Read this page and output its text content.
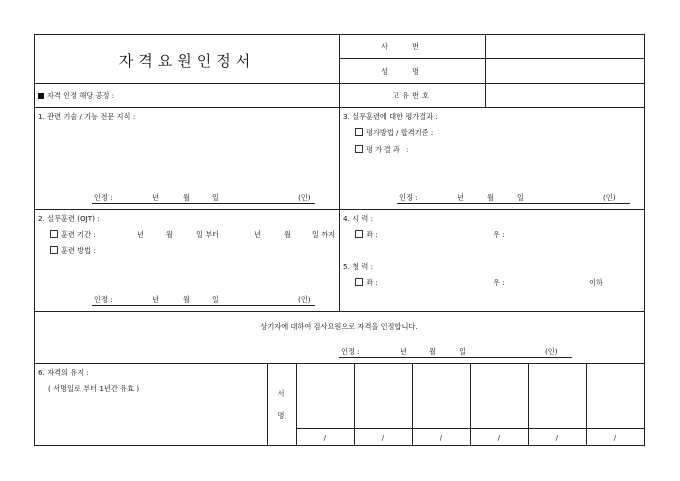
자격요원인정서
사번
성명
자격 인정 해당 공정 :	고유번호
1. 관련 기술 / 기능 전문 지식 :
인정 :	년	월	일	(인)
3. 실무훈련에 대한 평가결과 :
평가방법 / 합격기준 :
평가결과 :
인정 :	년	월	일	(인)
2. 실무훈련 (OJT) :
훈련 기간 :	년	월	일 부터	년	월	일 까지
훈련 방법 :
인정 :	년	월	일	(인)
4. 시 력 :
좌 :	우 :
5. 청 력 :
좌 :	우 :	이하
상기자에 대하여 검사요원으로 자격을 인정합니다.
인정 :	년	월	일	(인)
6. 자격의 유지 :
( 서명일로 부터 1년간 유효 )
서
명
/	/	/	/	/	/
